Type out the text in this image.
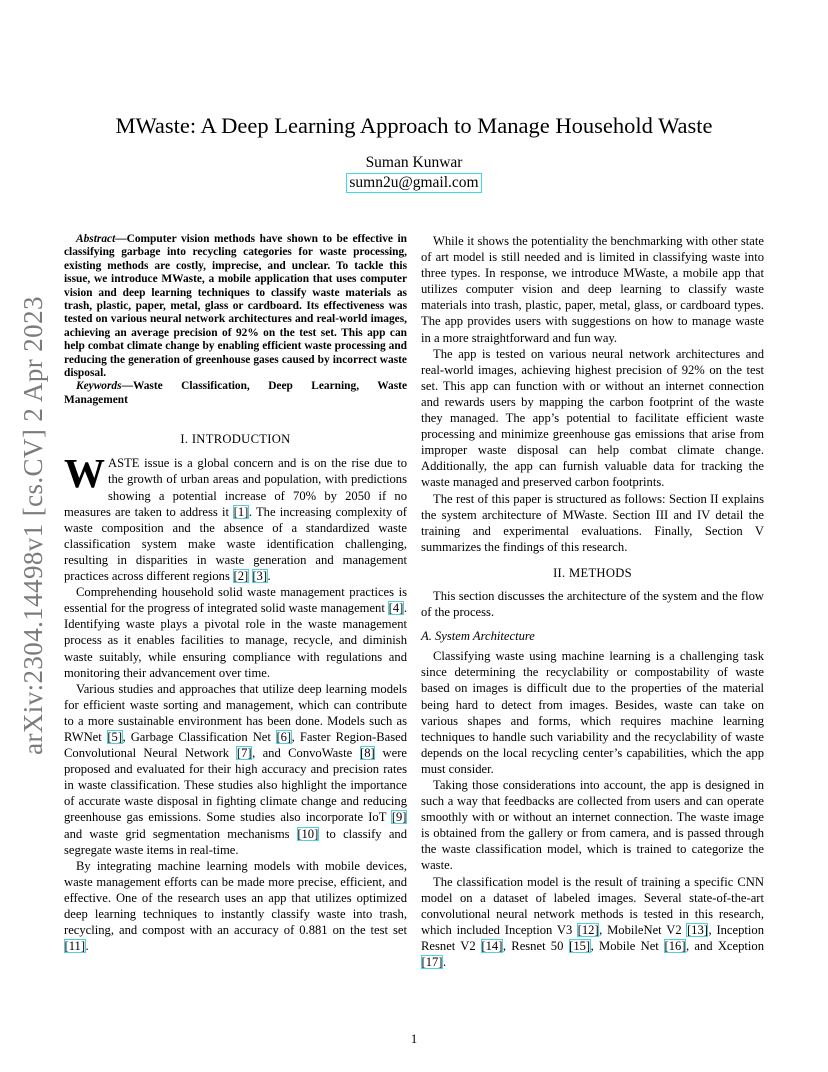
arXiv:2304.14498v1 [cs.CV] 2 Apr 2023
MWaste: A Deep Learning Approach to Manage Household Waste
Suman Kunwar
sumn2u@gmail.com

Abstract—Computer vision methods have shown to be effective in classifying garbage into recycling categories for waste processing, existing methods are costly, imprecise, and unclear. To tackle this issue, we introduce MWaste, a mobile application that uses computer vision and deep learning techniques to classify waste materials as trash, plastic, paper, metal, glass or cardboard. Its effectiveness was tested on various neural network architectures and real-world images, achieving an average precision of 92% on the test set. This app can help combat climate change by enabling efficient waste processing and reducing the generation of greenhouse gases caused by incorrect waste disposal.

Keywords—Waste Classification, Deep Learning, Waste Management

I. INTRODUCTION

WASTE issue is a global concern and is on the rise due to the growth of urban areas and population, with predictions showing a potential increase of 70% by 2050 if no measures are taken to address it [1]. The increasing complexity of waste composition and the absence of a standardized waste classification system make waste identification challenging, resulting in disparities in waste generation and management practices across different regions [2] [3].

Comprehending household solid waste management practices is essential for the progress of integrated solid waste management [4]. Identifying waste plays a pivotal role in the waste management process as it enables facilities to manage, recycle, and diminish waste suitably, while ensuring compliance with regulations and monitoring their advancement over time.

Various studies and approaches that utilize deep learning models for efficient waste sorting and management, which can contribute to a more sustainable environment has been done. Models such as RWNet [5], Garbage Classification Net [6], Faster Region-Based Convolutional Neural Network [7], and ConvoWaste [8] were proposed and evaluated for their high accuracy and precision rates in waste classification. These studies also highlight the importance of accurate waste disposal in fighting climate change and reducing greenhouse gas emissions. Some studies also incorporate IoT [9] and waste grid segmentation mechanisms [10] to classify and segregate waste items in real-time.

By integrating machine learning models with mobile devices, waste management efforts can be made more precise, efficient, and effective. One of the research uses an app that utilizes optimized deep learning techniques to instantly classify waste into trash, recycling, and compost with an accuracy of 0.881 on the test set [11].

While it shows the potentiality the benchmarking with other state of art model is still needed and is limited in classifying waste into three types. In response, we introduce MWaste, a mobile app that utilizes computer vision and deep learning to classify waste materials into trash, plastic, paper, metal, glass, or cardboard types. The app provides users with suggestions on how to manage waste in a more straightforward and fun way.

The app is tested on various neural network architectures and real-world images, achieving highest precision of 92% on the test set. This app can function with or without an internet connection and rewards users by mapping the carbon footprint of the waste they managed. The app’s potential to facilitate efficient waste processing and minimize greenhouse gas emissions that arise from improper waste disposal can help combat climate change. Additionally, the app can furnish valuable data for tracking the waste managed and preserved carbon footprints.

The rest of this paper is structured as follows: Section II explains the system architecture of MWaste. Section III and IV detail the training and experimental evaluations. Finally, Section V summarizes the findings of this research.

II. METHODS

This section discusses the architecture of the system and the flow of the process.

A. System Architecture

Classifying waste using machine learning is a challenging task since determining the recyclability or compostability of waste based on images is difficult due to the properties of the material being hard to detect from images. Besides, waste can take on various shapes and forms, which requires machine learning techniques to handle such variability and the recyclability of waste depends on the local recycling center’s capabilities, which the app must consider.

Taking those considerations into account, the app is designed in such a way that feedbacks are collected from users and can operate smoothly with or without an internet connection. The waste image is obtained from the gallery or from camera, and is passed through the waste classification model, which is trained to categorize the waste.

The classification model is the result of training a specific CNN model on a dataset of labeled images. Several state-of-the-art convolutional neural network methods is tested in this research, which included Inception V3 [12], MobileNet V2 [13], Inception Resnet V2 [14], Resnet 50 [15], Mobile Net [16], and Xception [17].

1
